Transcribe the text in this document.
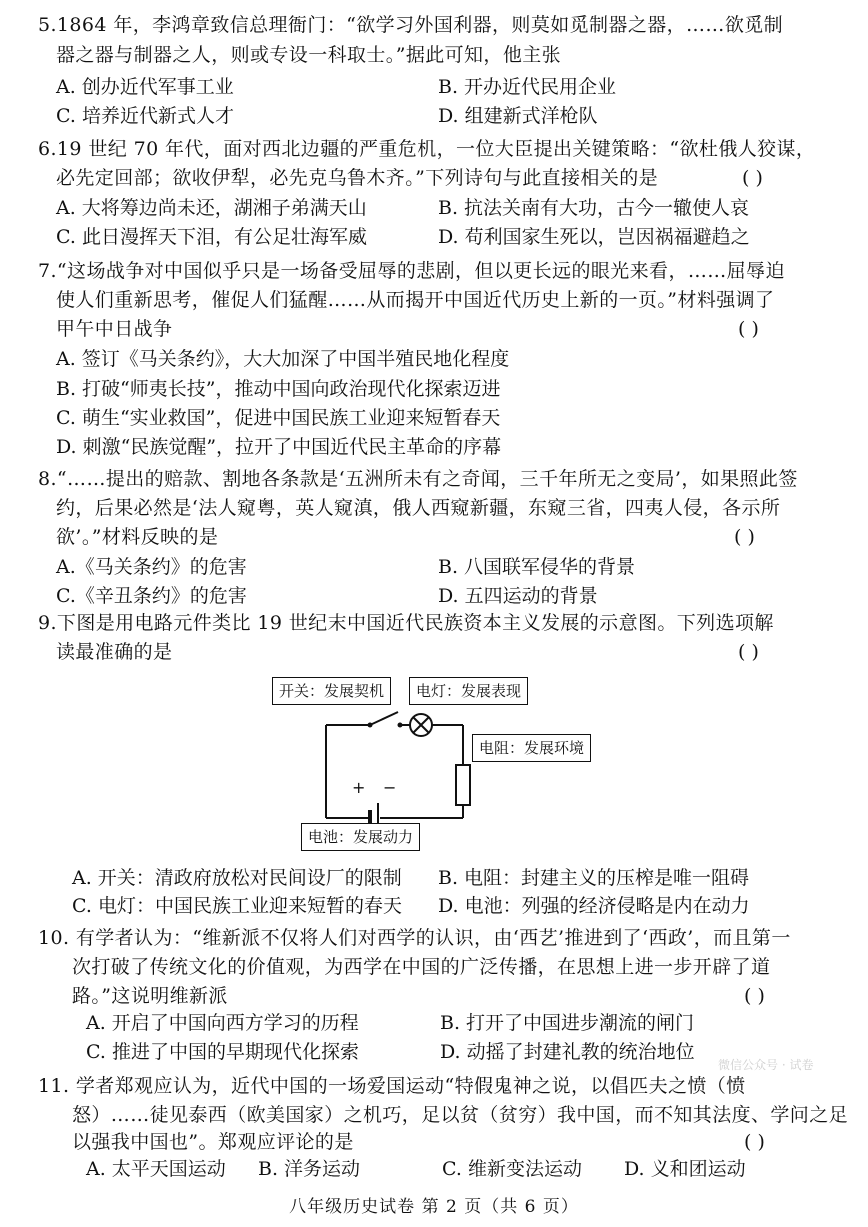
5.1864 年，李鸿章致信总理衙门：“欲学习外国利器，则莫如觅制器之器，……欲觅制
器之器与制器之人，则或专设一科取士。”据此可知，他主张
A. 创办近代军事工业	B. 开办近代民用企业
C. 培养近代新式人才	D. 组建新式洋枪队
6.19 世纪 70 年代，面对西北边疆的严重危机，一位大臣提出关键策略：“欲杜俄人狡谋，
必先定回部；欲收伊犁，必先克乌鲁木齐。”下列诗句与此直接相关的是	( )
A. 大将筹边尚未还，湖湘子弟满天山	B. 抗法关南有大功，古今一辙使人哀
C. 此日漫挥天下泪，有公足壮海军威	D. 苟利国家生死以，岂因祸福避趋之
7.“这场战争对中国似乎只是一场备受屈辱的悲剧，但以更长远的眼光来看，……屈辱迫
使人们重新思考，催促人们猛醒……从而揭开中国近代历史上新的一页。”材料强调了
甲午中日战争	( )
A. 签订《马关条约》，大大加深了中国半殖民地化程度
B. 打破“师夷长技”，推动中国向政治现代化探索迈进
C. 萌生“实业救国”，促进中国民族工业迎来短暂春天
D. 刺激“民族觉醒”，拉开了中国近代民主革命的序幕
8.“……提出的赔款、割地各条款是‘五洲所未有之奇闻，三千年所无之变局’，如果照此签
约，后果必然是‘法人窥粤，英人窥滇，俄人西窥新疆，东窥三省，四夷人侵，各示所
欲’。”材料反映的是	( )
A.《马关条约》的危害	B. 八国联军侵华的背景
C.《辛丑条约》的危害	D. 五四运动的背景
9.下图是用电路元件类比 19 世纪末中国近代民族资本主义发展的示意图。下列选项解
读最准确的是	( )
+ −
开关：发展契机	电灯：发展表现
电阻：发展环境
电池：发展动力
A. 开关：清政府放松对民间设厂的限制 B. 电阻：封建主义的压榨是唯一阻碍
C. 电灯：中国民族工业迎来短暂的春天 D. 电池：列强的经济侵略是内在动力
10. 有学者认为：“维新派不仅将人们对西学的认识，由‘西艺’推进到了‘西政’，而且第一
次打破了传统文化的价值观，为西学在中国的广泛传播，在思想上进一步开辟了道
路。”这说明维新派	( )
A. 开启了中国向西方学习的历程	B. 打开了中国进步潮流的闸门
C. 推进了中国的早期现代化探索	D. 动摇了封建礼教的统治地位
11. 学者郑观应认为，近代中国的一场爱国运动“特假鬼神之说，以倡匹夫之愤（愤
怒）……徒见泰西（欧美国家）之机巧，足以贫（贫穷）我中国，而不知其法度、学问之足
以强我中国也”。郑观应评论的是	( )
A. 太平天国运动 B. 洋务运动	C. 维新变法运动 D. 义和团运动
微信公众号 · 试卷
八年级历史试卷 第 2 页（共 6 页）
